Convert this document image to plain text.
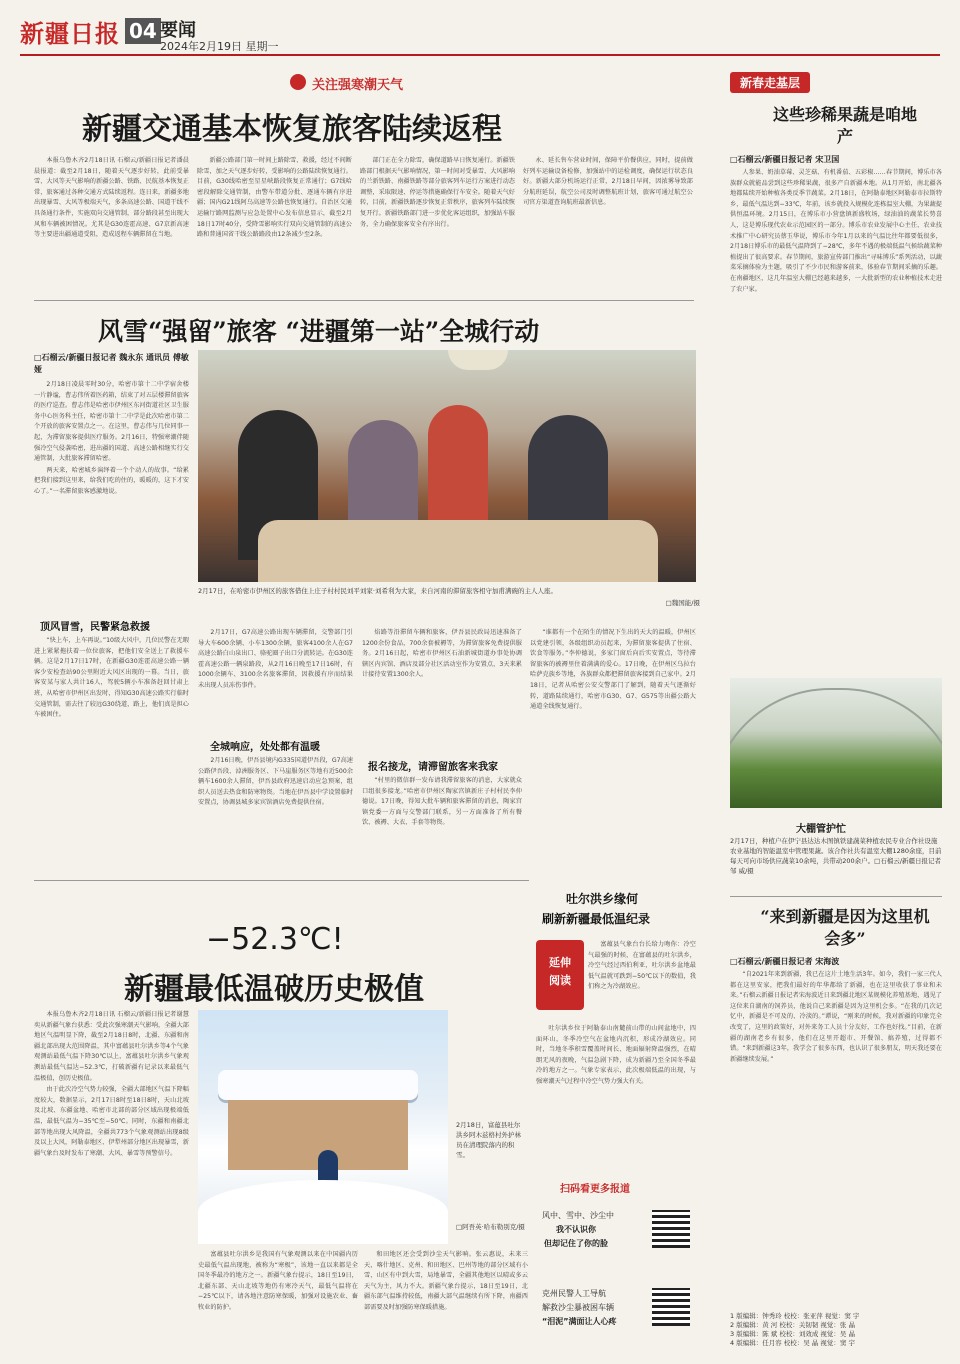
新疆日报 04 要闻
2024年2月19日 星期一
关注强寒潮天气
新疆交通基本恢复旅客陆续返程

本报乌鲁木齐2月18日讯 石榴云/新疆日报记者潘晨晨报道：截至2月18日，随着天气逐步好转，此前受暴雪、大风等天气影响的新疆公路、铁路、民航基本恢复正常，旅客通过各种交通方式陆续返程。连日来，新疆多地出现暴雪、大风等极端天气，多条高速公路、国道干线不具备通行条件，实施双向交通管制，部分路段甚至出现大风和车辆被困情况。尤其是G30连霍高速、G7京新高速等主要进出疆通道受阻，造成返程车辆滞留在当地。

新疆公路部门第一时间上路除雪、救援，经过不间断除雪，加之天气逐步好转，受影响的公路陆续恢复通行。目前，G30线哈密至星星峡路段恢复正常通行；G7线哈密段解除交通管制，由警车带道分批、逐通车辆有序进疆；国内G21线阿乌高速等公路也恢复通行。自治区交通运输厅路网监测与应急处置中心发布信息显示，截至2月18日17时40分，受降雪影响实行双向交通管制的高速公路和普通国省干线公路路段由12条减少至2条。

部门正在全力除雪，确保道路早日恢复通行。新疆铁路部门根据天气影响情况，第一时间对受暴雪、大风影响的兰新铁路、南疆铁路等部分旅客列车运行方案进行动态调整，采取限速、停运等措施确保行车安全。随着天气好转，目前，新疆铁路逐步恢复正常秩序，旅客列车陆续恢复开行。新疆铁路部门进一步优化客运组织，加强站车服务，全力确保旅客安全有序出行。

永、延长售车营业时间，保障平价餐供应，同时，提前做好列车运输设备检修，加强站中的运检调度，确保运行状态良好。新疆大部分机场运行正常，2月18日早间，因浓雾导致部分航班延误，航空公司及时调整航班计划，旅客可通过航空公司官方渠道查询航班最新信息。

风雪“强留”旅客 “进疆第一站”全城行动
□石榴云/新疆日报记者 魏永东 通讯员 傅敏娅

2月18日凌晨零时30分，哈密市第十二中学宿舍楼一片静谧，曹志伟所着医药箱，结束了对五层楼滞留旅客的医疗巡查。曹志伟是哈密市伊州区东河街道社区卫生服务中心医务科主任，哈密市第十二中学是此次哈密市第二个开放的旅客安置点之一。在这里，曹志伟与几位同事一起，为滞留旅客提供医疗服务。2月16日，特强寒潮伴随强冷空气侵袭哈密，进出疆的国道、高速公路相继实行交通管制，大批旅客滞留哈密。

两天来，哈密城乡演绎着一个个动人的故事。“给累把我们接到这里来，给我们吃的住的，暖暖的，这下才安心了。”一名滞留旅客感激地说。

2月17日，在哈密市伊州区的旅客借住上庄子村村民刘平刘家·刘希利为大家，来自河南的滞留旅客相守加甫满碗的主人人座。
□魏国能/摄
顶风冒雪，民警紧急救援

“快上车，上车再说。”10级大风中，几位民警在无暇进上紧紧拖扶着一位位旅客，把他们安全送上了救援车辆。这是2月17日17时，在新疆G30连霍高速公路一辆客少安检查站90公里附近大风区出现的一幕。当日，旅客安某与家人共计16人，驾驶5辆小车准备赶回甘肃上班，从哈密市伊州区出发时，得知G30高速公路实行临时交通管制，需去往了较远G30绕道，路上，他们真是担心车被困住。

2月17日，G7高速公路出现车辆滞留，交警部门引导大车600余辆、小车1300余辆，旅客4100余人在G7高速公路白山泉出口、骆驼圈子出口分流转运。在G30连霍高速公路一辆泉路段，从2月16日晚至17日16时，有1000余辆车、3100余名旅客滞留，因救援有序而结果未出现人员冻伤事件。

全城响应，处处都有温暖

2月16日晚，伊吾县境内G335国道伊吾段，G7高速公路伊吾段、淖洲服务区、下马崖服务区等地有近500余辆车1600余人滞留，伊吾县政府迅速启动应急预案，组织人员送去热食和防寒物资。当地在伊吾县中学设置临时安置点，协调县城多家宾馆酒店免费提供住宿。

焰路等沿滞留车辆和旅客，伊吾县民政局迅速准备了1200余份食品，700余套被褥等，为滞留旅客免费提供服务。2月16日起，哈密市伊州区石油新城街道办事处协调辖区内宾馆、酒店及部分社区活动室作为安置点，3天来累计接待安置1300余人。

报名接龙，请滞留旅客来我家

“村里的微信群一发布请我滞留旅客的消息，大家就众口组很多接龙。”哈密市伊州区陶家宫镇新庄子村村民李仲德说。17日晚，得知大批车辆和旅客滞留的消息，陶家宫镇党委一方面与交警部门联系，另一方面准备了所有餐饮、被褥、大衣、手套等物资。

“谁都有一个在陌生的情况下生出的天大的温暖，伊州区以党建引领，各级组织动员起来，为滞留旅客提供了住宿、饮食等服务。”李仲德说，多家门窗后向后实安置点，等待滞留旅客的被褥里住着满满的爱心。17日晚，在伊州区乌拉台哈萨克族乡等地，各族群众都把滞留旅客接到自己家中。2月18日，记者从哈密公安交警部门了解到，随着天气逐渐好转，道路陆续通行，哈密市G30、G7、G575等出疆公路大通道全线恢复通行。

−52.3℃!
新疆最低温破历史极值

本报乌鲁木齐2月18日讯 石榴云/新疆日报记者谢慧奕从新疆气象台获悉：受此次强寒潮天气影响，全疆大部地区气温明显下降，截至2月18日8时，北疆、东疆和南疆北部出现大范围降温，其中富蕴县吐尔洪乡等4个气象观测站最低气温下降30℃以上，富蕴县吐尔洪乡气象观测站最低气温达−52.3℃，打破新疆有记录以来最低气温极值，创历史极值。

由于此次冷空气势力较强，全疆大部地区气温下降幅度较大，数据显示，2月17日8时至18日8时，天山北坡及北坡、东疆盆地、哈密市北部的部分区域出现极端低温，最低气温为−35℃至−50℃。同时，东疆和南疆北部等地出现大风降温，全疆共773个气象观测站出现8级及以上大风，阿勒泰地区、伊犁州部分地区出现暴雪，新疆气象台及时发布了寒潮、大风、暴雪等预警信号。

2月18日，富蕴县吐尔洪乡阿木兹格村外护林员在清理院落内的积雪。
□阿吾英·哈布勒别克/摄

富蕴县吐尔洪乡是我国有气象观测以来在中国疆内历史最低气温出现地，被称为“寒极”，该地一直以来都是全国冬季最冷的地方之一。新疆气象台提示，18日至19日，北疆东部、天山北坡等地仍有寒冷天气，最低气温将在−25℃以下，请各地注意防寒保暖，加强对设施农业、畜牧业的防护。

和田地区还会受到沙尘天气影响。张云惠说，未来三天，喀什地区、克州、和田地区、巴州等地的部分区域有小雪，山区有中到大雪，局地暴雪，全疆其他地区以晴或多云天气为主，风力不大。新疆气象台提示，18日至19日，北疆东部气温维持较低，南疆大部气温继续有所下降，南疆西部需要及时加强防寒保暖措施。

吐尔洪乡缘何
刷新新疆最低温纪录
延伸
阅读

富蕴县气象台台长给力吻你：冷空气最强的时候，在富蕴县的吐尔洪乡，冷空气经过西伯利亚，吐尔洪乡盆地最低气温就可跌到−50℃以下的数值，我们称之为冷湖效应。

吐尔洪乡位于阿勒泰山南麓前山带的山间盆地中，四面环山，冬季冷空气在盆地内沉积，形成冷湖效应。同时，当地冬季积雪覆盖时间长、地面辐射降温强烈，在晴朗无风的夜晚，气温急剧下降，成为新疆乃至全国冬季最冷的地方之一。气象专家表示，此次极端低温的出现，与强寒潮天气过程中冷空气势力强大有关。

扫码看更多报道
风中、雪中、沙尘中
我不认识你
但却记住了你的脸
克州民警人工导航
解救沙尘暴被困车辆
“泪泥”满面让人心疼
新春走基层
这些珍稀果蔬是咱地产
□石榴云/新疆日报记者 宋卫国

人参果、奶油草莓、灵芝菇、有机番茄、五彩椒……春节期间，博乐市各族群众就能品尝到这些珍稀果蔬，很多产自新疆本地。从1月开始，南北疆各地都陆续开始种植各类反季节蔬菜。2月18日，在阿勒泰地区阿勒泰市拉斯特乡，最低气温达到−33℃，年前，该乡就投入规模化连栋温室大棚，为果蔬提供恒温环境。2月15日，在博乐市小营盘镇新盛牧场，绿油油的蔬菜长势喜人，这是博乐现代农业示范园区的一部分。博乐市农业发展中心主任、农业技术推广中心研究员蔡玉华说，博乐市今年1月以来的气温比往年都要低很多，2月18日博乐市的最低气温降到了−28℃，多年不遇的极端低温气候给蔬菜种植提出了很高要求。春节期间，旅游宣传部门推出“寻味博乐”系列活动，以蔬菜采摘体验为主题，吸引了不少市民和游客前来，体验春节期间采摘的乐趣。在南疆地区，这几年温室大棚已经越来越多，一大批新型的农业种植技术走进了农户家。

大棚管护忙
2月17日，种植户在伊宁县达达木图镇铁建蔬菜种植农民专业合作社设施农业基地的智能温室中管理果蔬。该合作社共有温室大棚1280余座，目前每天可向市场供应蔬菜10余吨，共带动200余户。□石榴云/新疆日报记者 邹 威/摄
“来到新疆是因为这里机会多”
□石榴云/新疆日报记者 宋海波

“自2021年来到新疆，我已在这片土地生活3年。如今，我们一家三代人都在这里安家，把我们最好的年华都给了新疆，也在这里收获了事业和未来。”石榴云新疆日报记者宋海波近日来到疆北地区某规模化养殖基地，遇见了这位来自湖南的饲养员，他说自己来新疆是因为这里机会多。“在我的几次记忆中，新疆是不可及的、冷淡的。”谭说，“刚来的时候，我对新疆的印象完全改变了，这里的政策好，对外来务工人员十分友好，工作也好找。”目前，在新疆的湖南老乡有很多，他们在这里开超市、开餐馆、搞养殖，过得都不错。“来到新疆这3年，我学会了很多东西，也认识了很多朋友，明天我还要在新疆继续发展。”

1 版编辑：钟秀玲 校校：张亚萍 视觉：窦 宇
2 版编辑：黄 河 校校：关韧韧 视觉：张 晶
3 版编辑：陈 斌 校校：刘效成 视觉：吴 晶
4 版编辑：任月容 校校：吴 晶 视觉：窦 宇
